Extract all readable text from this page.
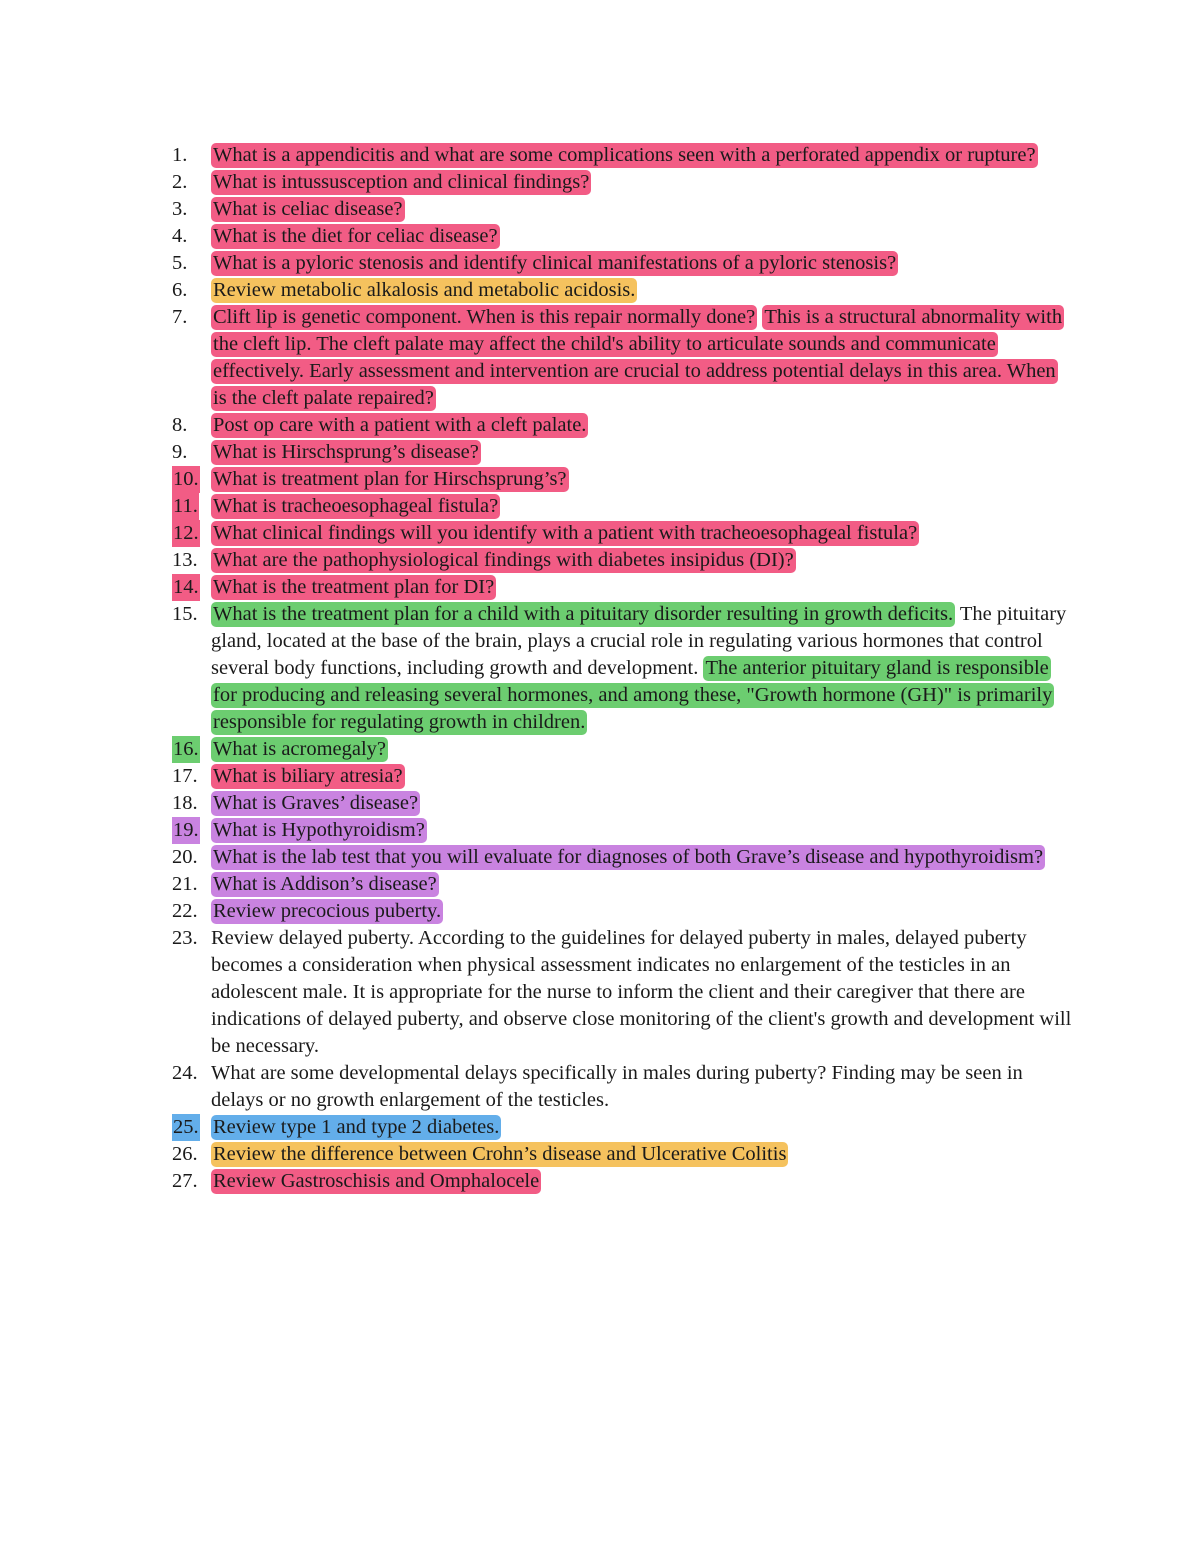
1. What is a appendicitis and what are some complications seen with a perforated appendix or rupture?
2. What is intussusception and clinical findings?
3. What is celiac disease?
4. What is the diet for celiac disease?
5. What is a pyloric stenosis and identify clinical manifestations of a pyloric stenosis?
6. Review metabolic alkalosis and metabolic acidosis.
7. Clift lip is genetic component. When is this repair normally done? This is a structural abnormality with the cleft lip. The cleft palate may affect the child's ability to articulate sounds and communicate effectively. Early assessment and intervention are crucial to address potential delays in this area. When is the cleft palate repaired?
8. Post op care with a patient with a cleft palate.
9. What is Hirschsprung’s disease?
10. What is treatment plan for Hirschsprung’s?
11. What is tracheoesophageal fistula?
12. What clinical findings will you identify with a patient with tracheoesophageal fistula?
13. What are the pathophysiological findings with diabetes insipidus (DI)?
14. What is the treatment plan for DI?
15. What is the treatment plan for a child with a pituitary disorder resulting in growth deficits. The pituitary gland, located at the base of the brain, plays a crucial role in regulating various hormones that control several body functions, including growth and development. The anterior pituitary gland is responsible for producing and releasing several hormones, and among these, "Growth hormone (GH)" is primarily responsible for regulating growth in children.
16. What is acromegaly?
17. What is biliary atresia?
18. What is Graves’ disease?
19. What is Hypothyroidism?
20. What is the lab test that you will evaluate for diagnoses of both Grave’s disease and hypothyroidism?
21. What is Addison’s disease?
22. Review precocious puberty.
23. Review delayed puberty. According to the guidelines for delayed puberty in males, delayed puberty becomes a consideration when physical assessment indicates no enlargement of the testicles in an adolescent male. It is appropriate for the nurse to inform the client and their caregiver that there are indications of delayed puberty, and observe close monitoring of the client's growth and development will be necessary.
24. What are some developmental delays specifically in males during puberty? Finding may be seen in delays or no growth enlargement of the testicles.
25. Review type 1 and type 2 diabetes.
26. Review the difference between Crohn’s disease and Ulcerative Colitis
27. Review Gastroschisis and Omphalocele
